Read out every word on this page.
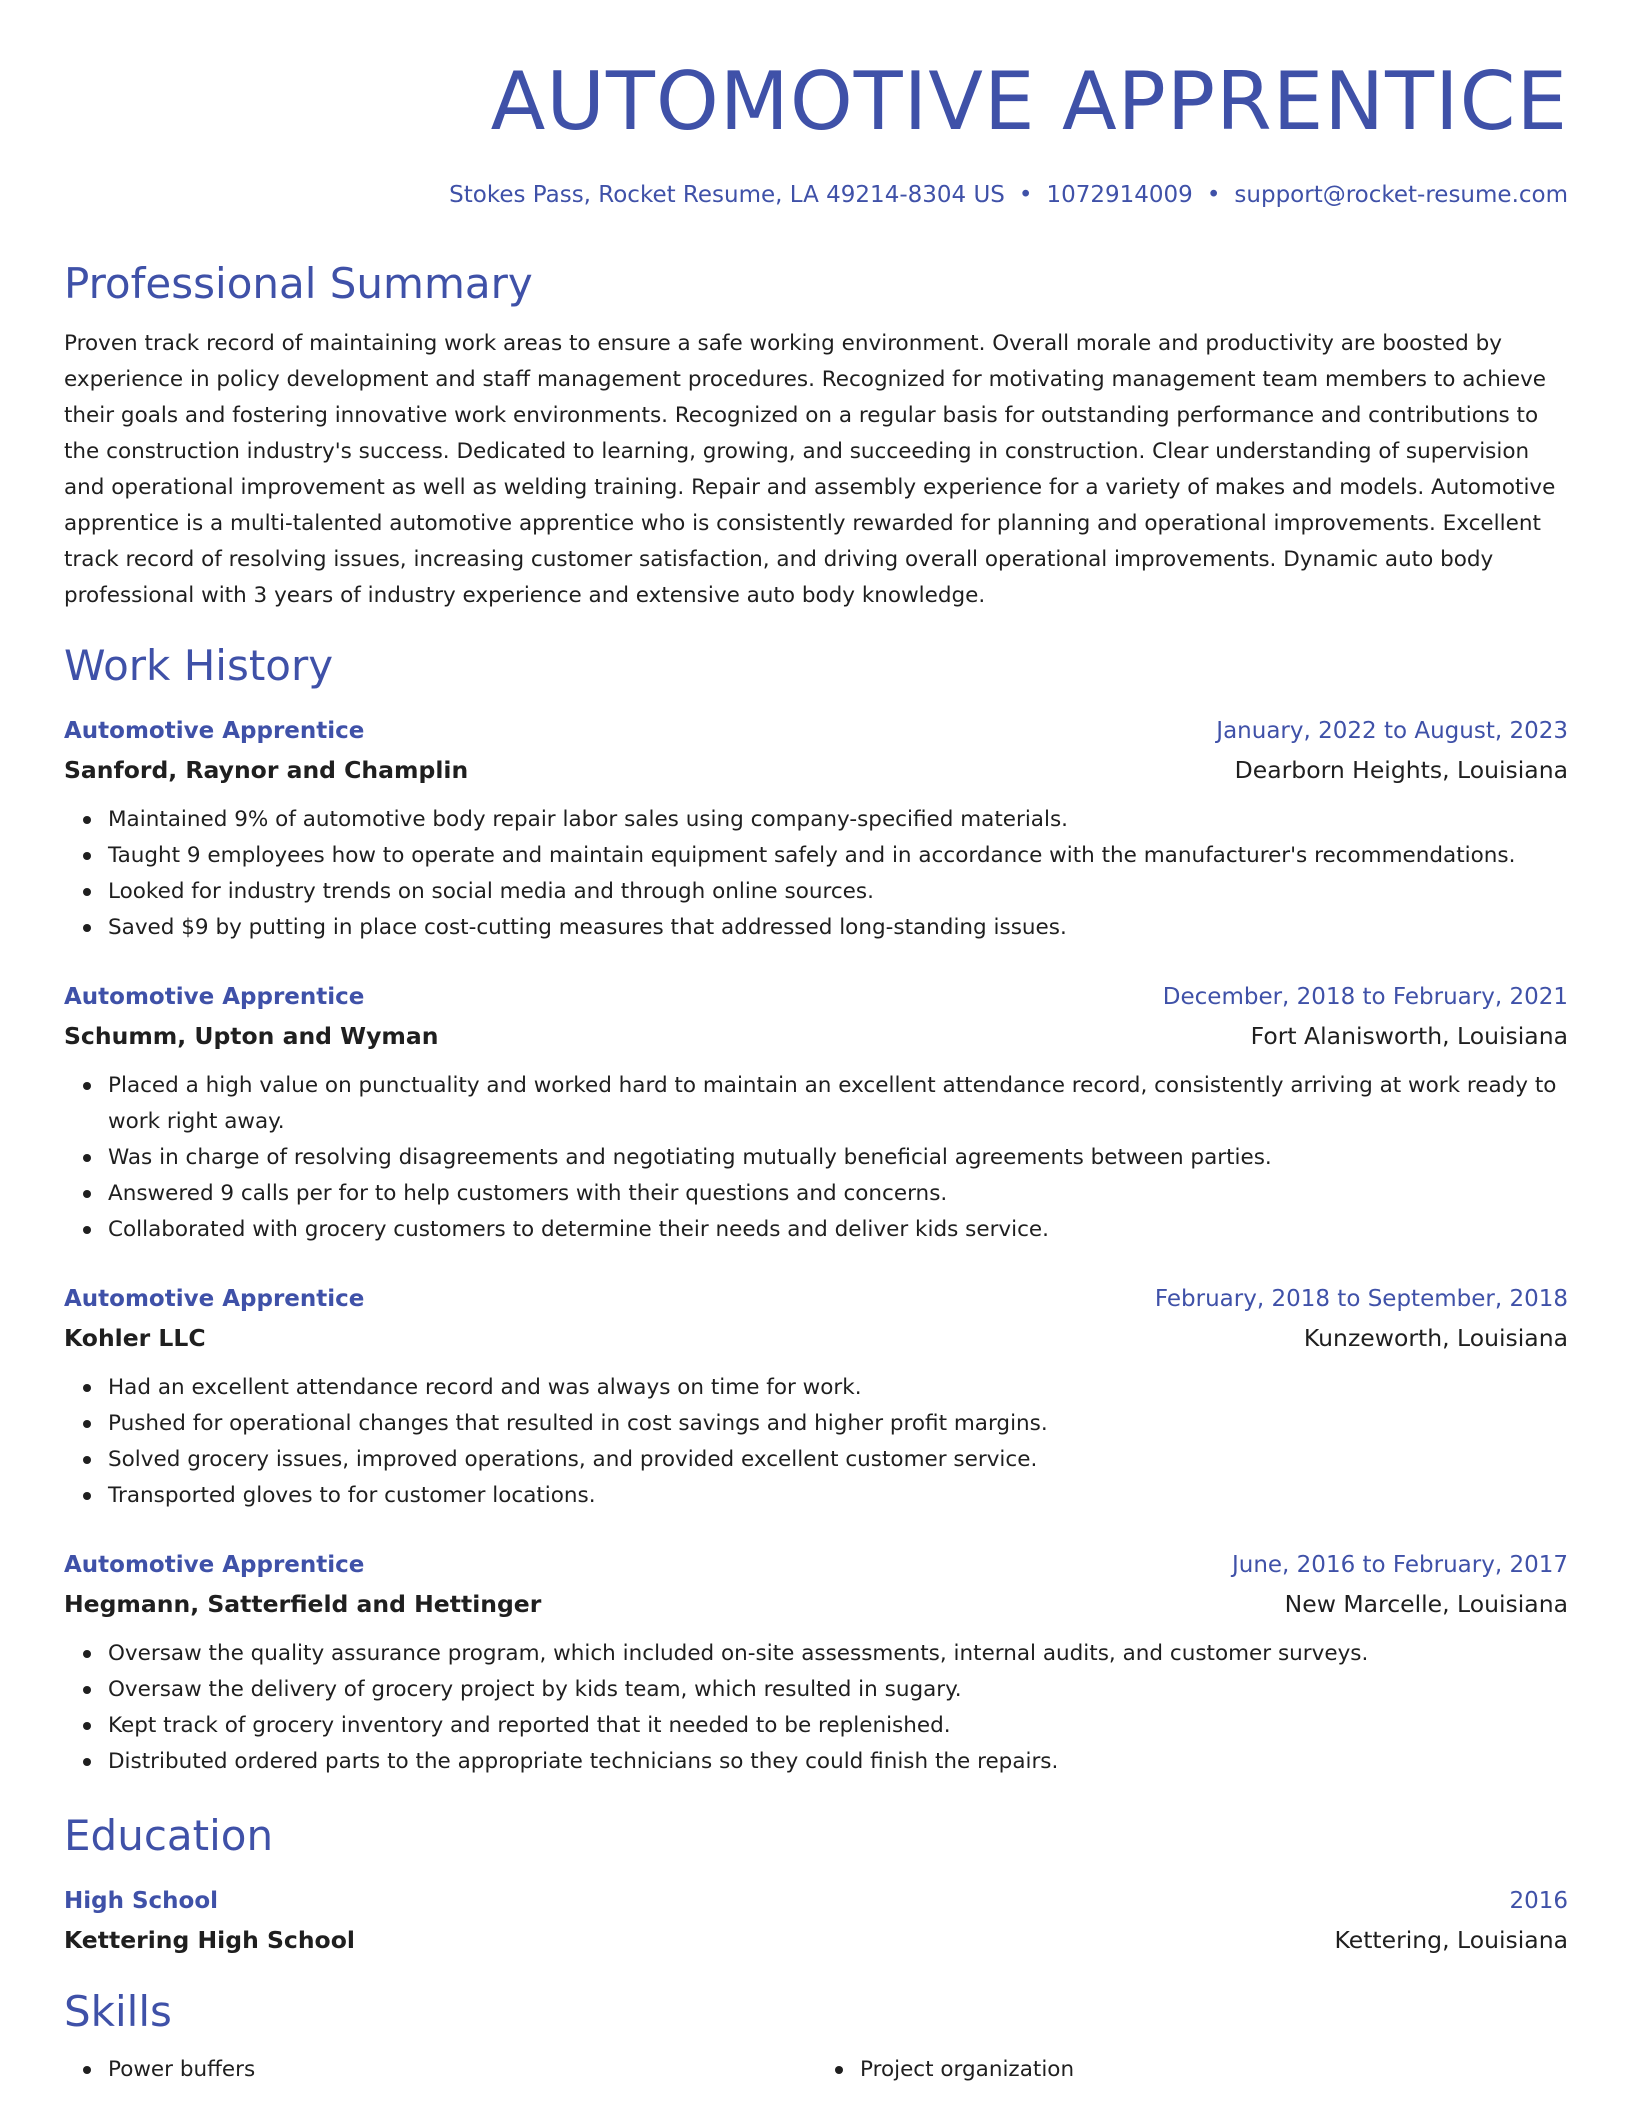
AUTOMOTIVE APPRENTICE
Stokes Pass, Rocket Resume, LA 49214-8304 US • 1072914009 • support@rocket-resume.com
Professional Summary
Proven track record of maintaining work areas to ensure a safe working environment. Overall morale and productivity are boosted by experience in policy development and staff management procedures. Recognized for motivating management team members to achieve their goals and fostering innovative work environments. Recognized on a regular basis for outstanding performance and contributions to the construction industry's success. Dedicated to learning, growing, and succeeding in construction. Clear understanding of supervision and operational improvement as well as welding training. Repair and assembly experience for a variety of makes and models. Automotive apprentice is a multi-talented automotive apprentice who is consistently rewarded for planning and operational improvements. Excellent track record of resolving issues, increasing customer satisfaction, and driving overall operational improvements. Dynamic auto body professional with 3 years of industry experience and extensive auto body knowledge.
Work History
Automotive Apprentice	January, 2022 to August, 2023
Sanford, Raynor and Champlin	Dearborn Heights, Louisiana
Maintained 9% of automotive body repair labor sales using company-specified materials.
Taught 9 employees how to operate and maintain equipment safely and in accordance with the manufacturer's recommendations.
Looked for industry trends on social media and through online sources.
Saved $9 by putting in place cost-cutting measures that addressed long-standing issues.
Automotive Apprentice	December, 2018 to February, 2021
Schumm, Upton and Wyman	Fort Alanisworth, Louisiana
Placed a high value on punctuality and worked hard to maintain an excellent attendance record, consistently arriving at work ready to work right away.
Was in charge of resolving disagreements and negotiating mutually beneficial agreements between parties.
Answered 9 calls per for to help customers with their questions and concerns.
Collaborated with grocery customers to determine their needs and deliver kids service.
Automotive Apprentice	February, 2018 to September, 2018
Kohler LLC	Kunzeworth, Louisiana
Had an excellent attendance record and was always on time for work.
Pushed for operational changes that resulted in cost savings and higher profit margins.
Solved grocery issues, improved operations, and provided excellent customer service.
Transported gloves to for customer locations.
Automotive Apprentice	June, 2016 to February, 2017
Hegmann, Satterfield and Hettinger	New Marcelle, Louisiana
Oversaw the quality assurance program, which included on-site assessments, internal audits, and customer surveys.
Oversaw the delivery of grocery project by kids team, which resulted in sugary.
Kept track of grocery inventory and reported that it needed to be replenished.
Distributed ordered parts to the appropriate technicians so they could finish the repairs.
Education
High School	2016
Kettering High School	Kettering, Louisiana
Skills
Power buffers	Project organization
